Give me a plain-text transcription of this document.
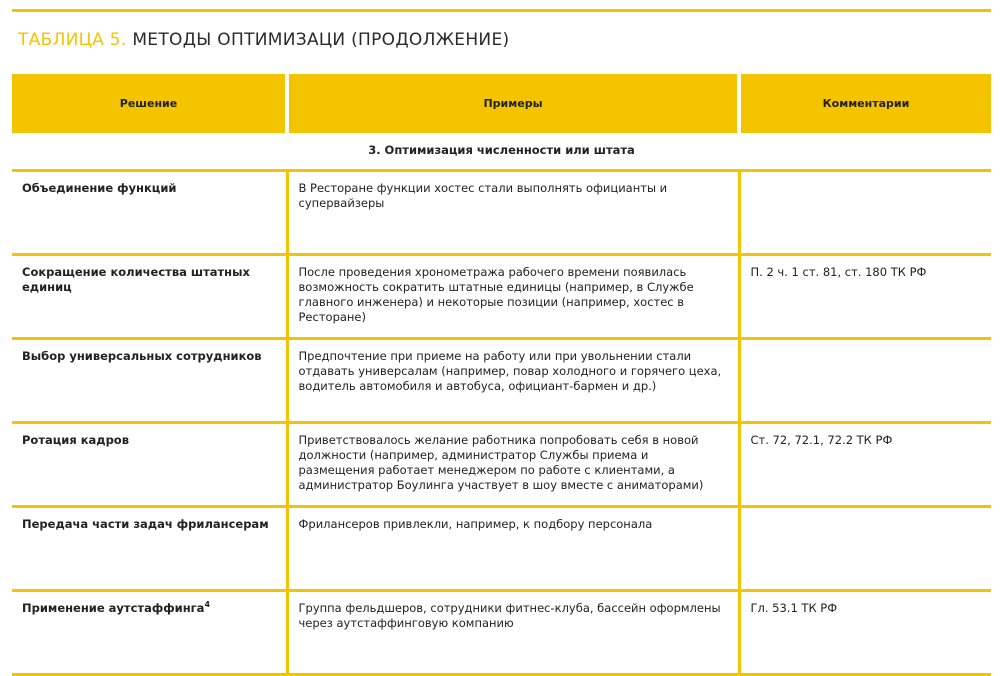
ТАБЛИЦА 5. МЕТОДЫ ОПТИМИЗАЦИ (ПРОДОЛЖЕНИЕ)
Решение	Примеры	Комментарии
3. Оптимизация численности или штата		
Объединение функций	В Ресторане функции хостес стали выполнять официанты и супервайзеры	
Сокращение количества штатных единиц	После проведения хронометража рабочего времени появилась возможность сократить штатные единицы (например, в Службе главного инженера) и некоторые позиции (например, хостес в Ресторане)	П. 2 ч. 1 ст. 81, ст. 180 ТК РФ
Выбор универсальных сотрудников	Предпочтение при приеме на работу или при увольнении стали отдавать универсалам (например, повар холодного и горячего цеха, водитель автомобиля и автобуса, официант-бармен и др.)	
Ротация кадров	Приветствовалось желание работника попробовать себя в новой должности (например, администратор Службы приема и размещения работает менеджером по работе с клиентами, а администратор Боулинга участвует в шоу вместе с аниматорами)	Ст. 72, 72.1, 72.2 ТК РФ
Передача части задач фрилансерам	Фрилансеров привлекли, например, к подбору персонала	
Применение аутстаффинга$^4$	Группа фельдшеров, сотрудники фитнес-клуба, бассейн оформлены через аутстаффинговую компанию	Гл. 53.1 ТК РФ
